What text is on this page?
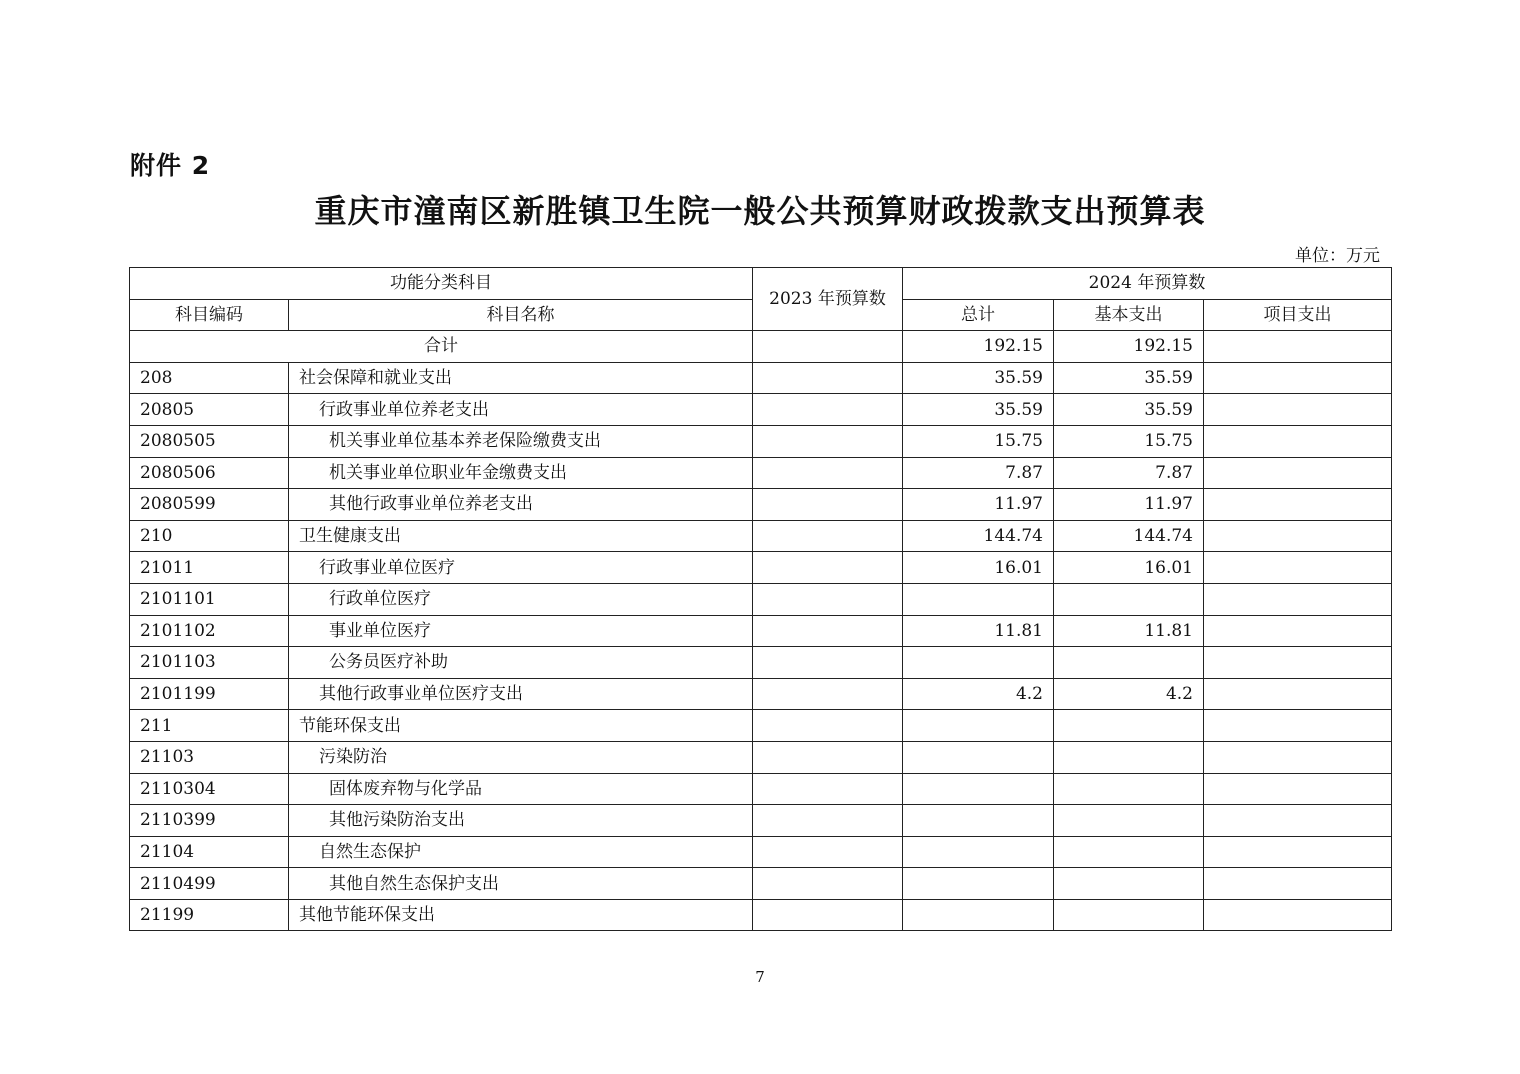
附件 2
重庆市潼南区新胜镇卫生院一般公共预算财政拨款支出预算表
单位：万元
功能分类科目		2023 年预算数	2024 年预算数		
科目编码	科目名称		总计	基本支出	项目支出
合计			192.15	192.15	
208	社会保障和就业支出		35.59	35.59	
20805	行政事业单位养老支出		35.59	35.59	
2080505	机关事业单位基本养老保险缴费支出		15.75	15.75	
2080506	机关事业单位职业年金缴费支出		7.87	7.87	
2080599	其他行政事业单位养老支出		11.97	11.97	
210	卫生健康支出		144.74	144.74	
21011	行政事业单位医疗		16.01	16.01	
2101101	行政单位医疗				
2101102	事业单位医疗		11.81	11.81	
2101103	公务员医疗补助				
2101199	其他行政事业单位医疗支出		4.2	4.2	
211	节能环保支出				
21103	污染防治				
2110304	固体废弃物与化学品				
2110399	其他污染防治支出				
21104	自然生态保护				
2110499	其他自然生态保护支出				
21199	其他节能环保支出				
7
